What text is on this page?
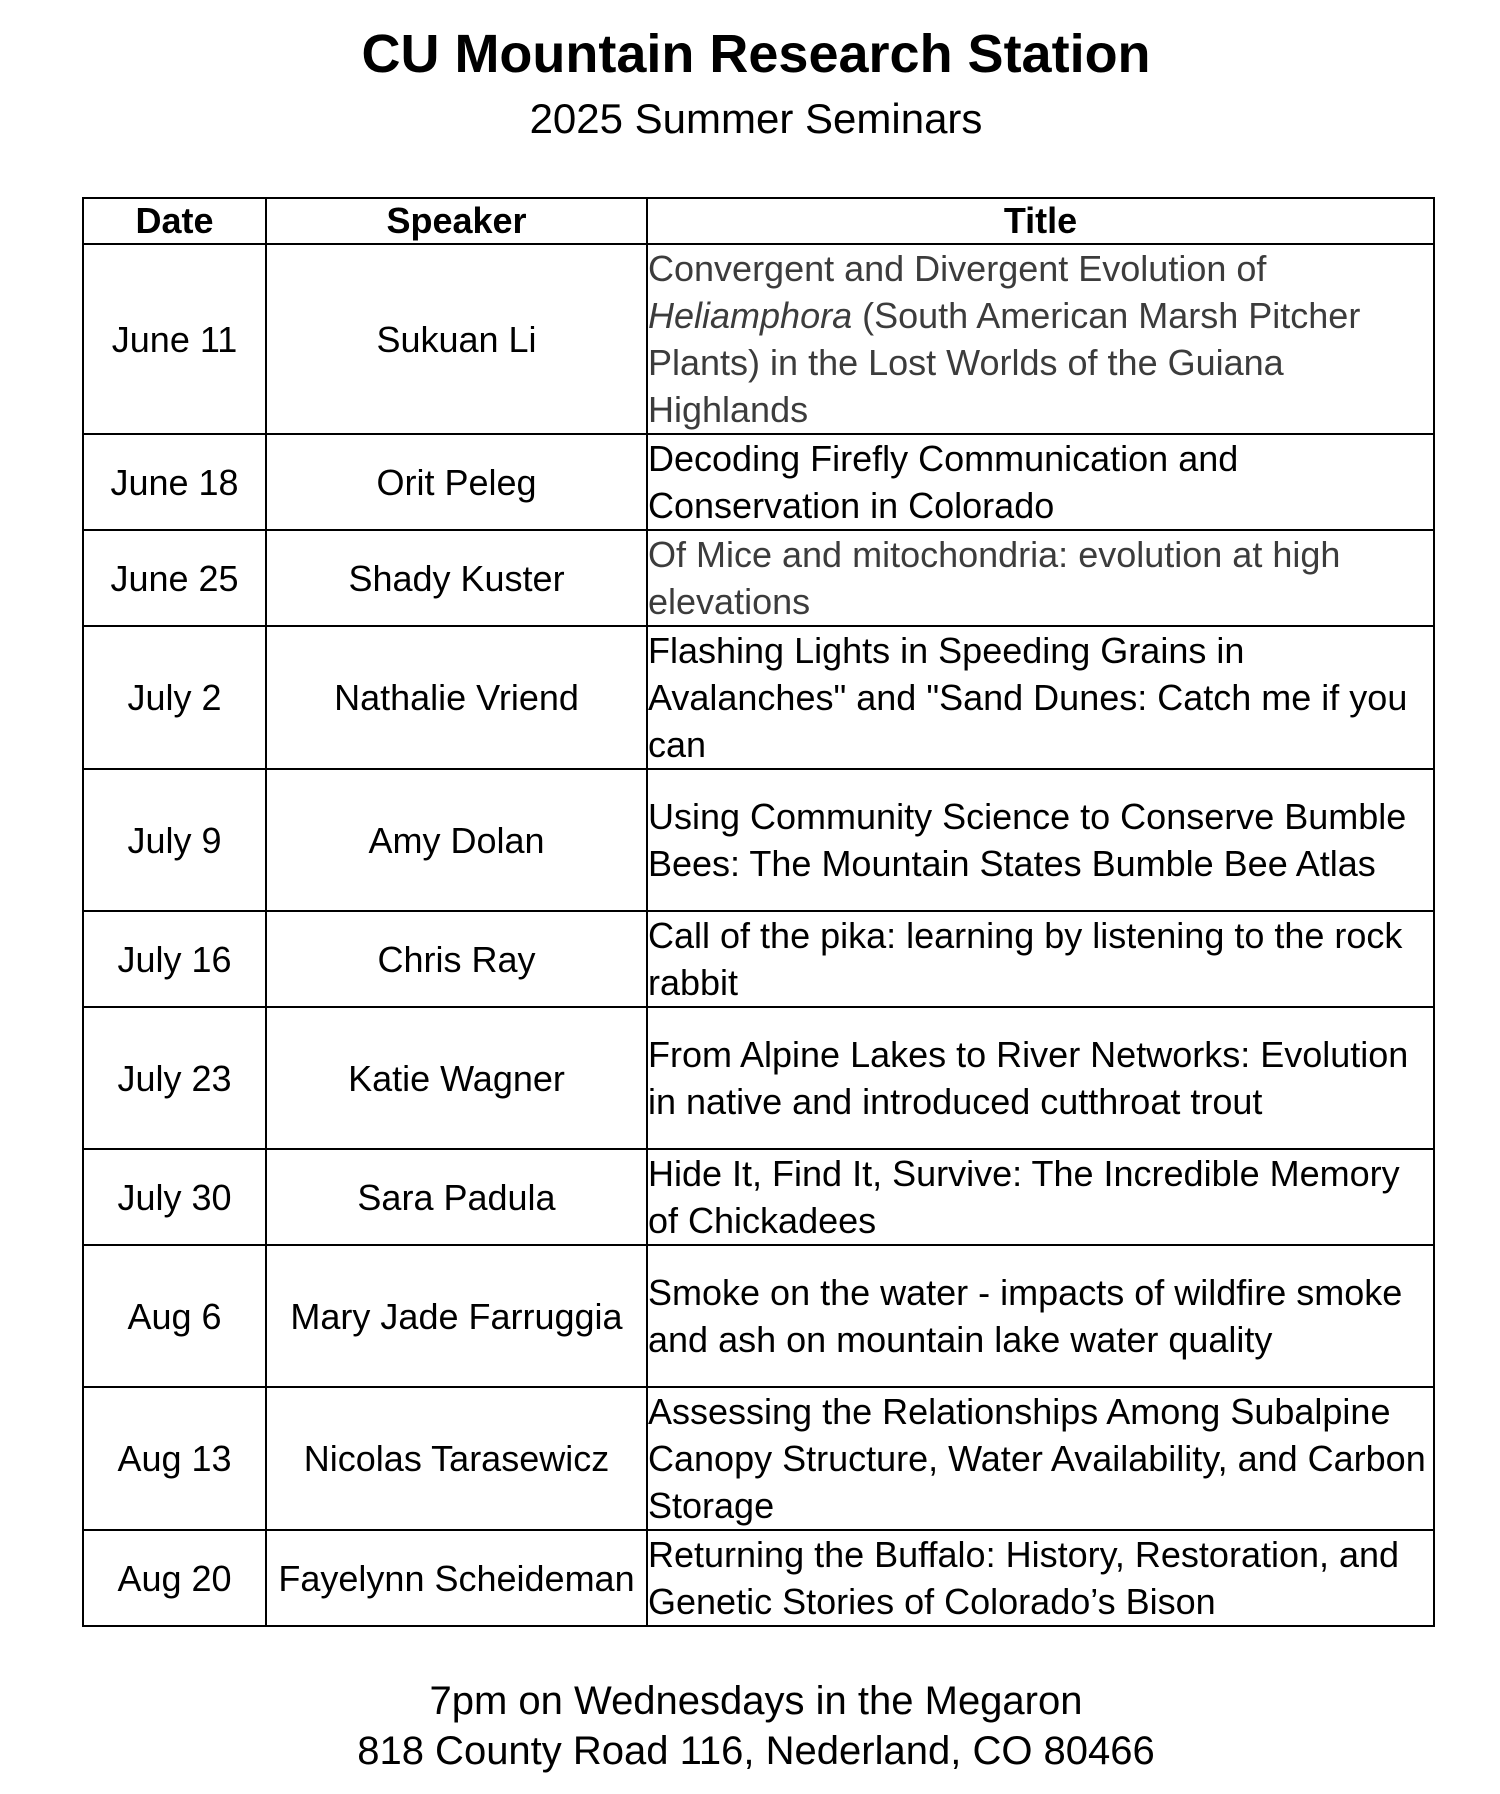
CU Mountain Research Station
2025 Summer Seminars
Date	Speaker	Title
June 11	Sukuan Li	Convergent and Divergent Evolution of Heliamphora (South American Marsh Pitcher Plants) in the Lost Worlds of the Guiana Highlands
June 18	Orit Peleg	Decoding Firefly Communication and Conservation in Colorado
June 25	Shady Kuster	Of Mice and mitochondria: evolution at high elevations
July 2	Nathalie Vriend	Flashing Lights in Speeding Grains in Avalanches" and "Sand Dunes: Catch me if you can
July 9	Amy Dolan	Using Community Science to Conserve Bumble Bees: The Mountain States Bumble Bee Atlas
July 16	Chris Ray	Call of the pika: learning by listening to the rock rabbit
July 23	Katie Wagner	From Alpine Lakes to River Networks: Evolution in native and introduced cutthroat trout
July 30	Sara Padula	Hide It, Find It, Survive: The Incredible Memory of Chickadees
Aug 6	Mary Jade Farruggia	Smoke on the water - impacts of wildfire smoke and ash on mountain lake water quality
Aug 13	Nicolas Tarasewicz	Assessing the Relationships Among Subalpine Canopy Structure, Water Availability, and Carbon Storage
Aug 20	Fayelynn Scheideman	Returning the Buffalo: History, Restoration, and Genetic Stories of Colorado’s Bison
7pm on Wednesdays in the Megaron
818 County Road 116, Nederland, CO 80466
